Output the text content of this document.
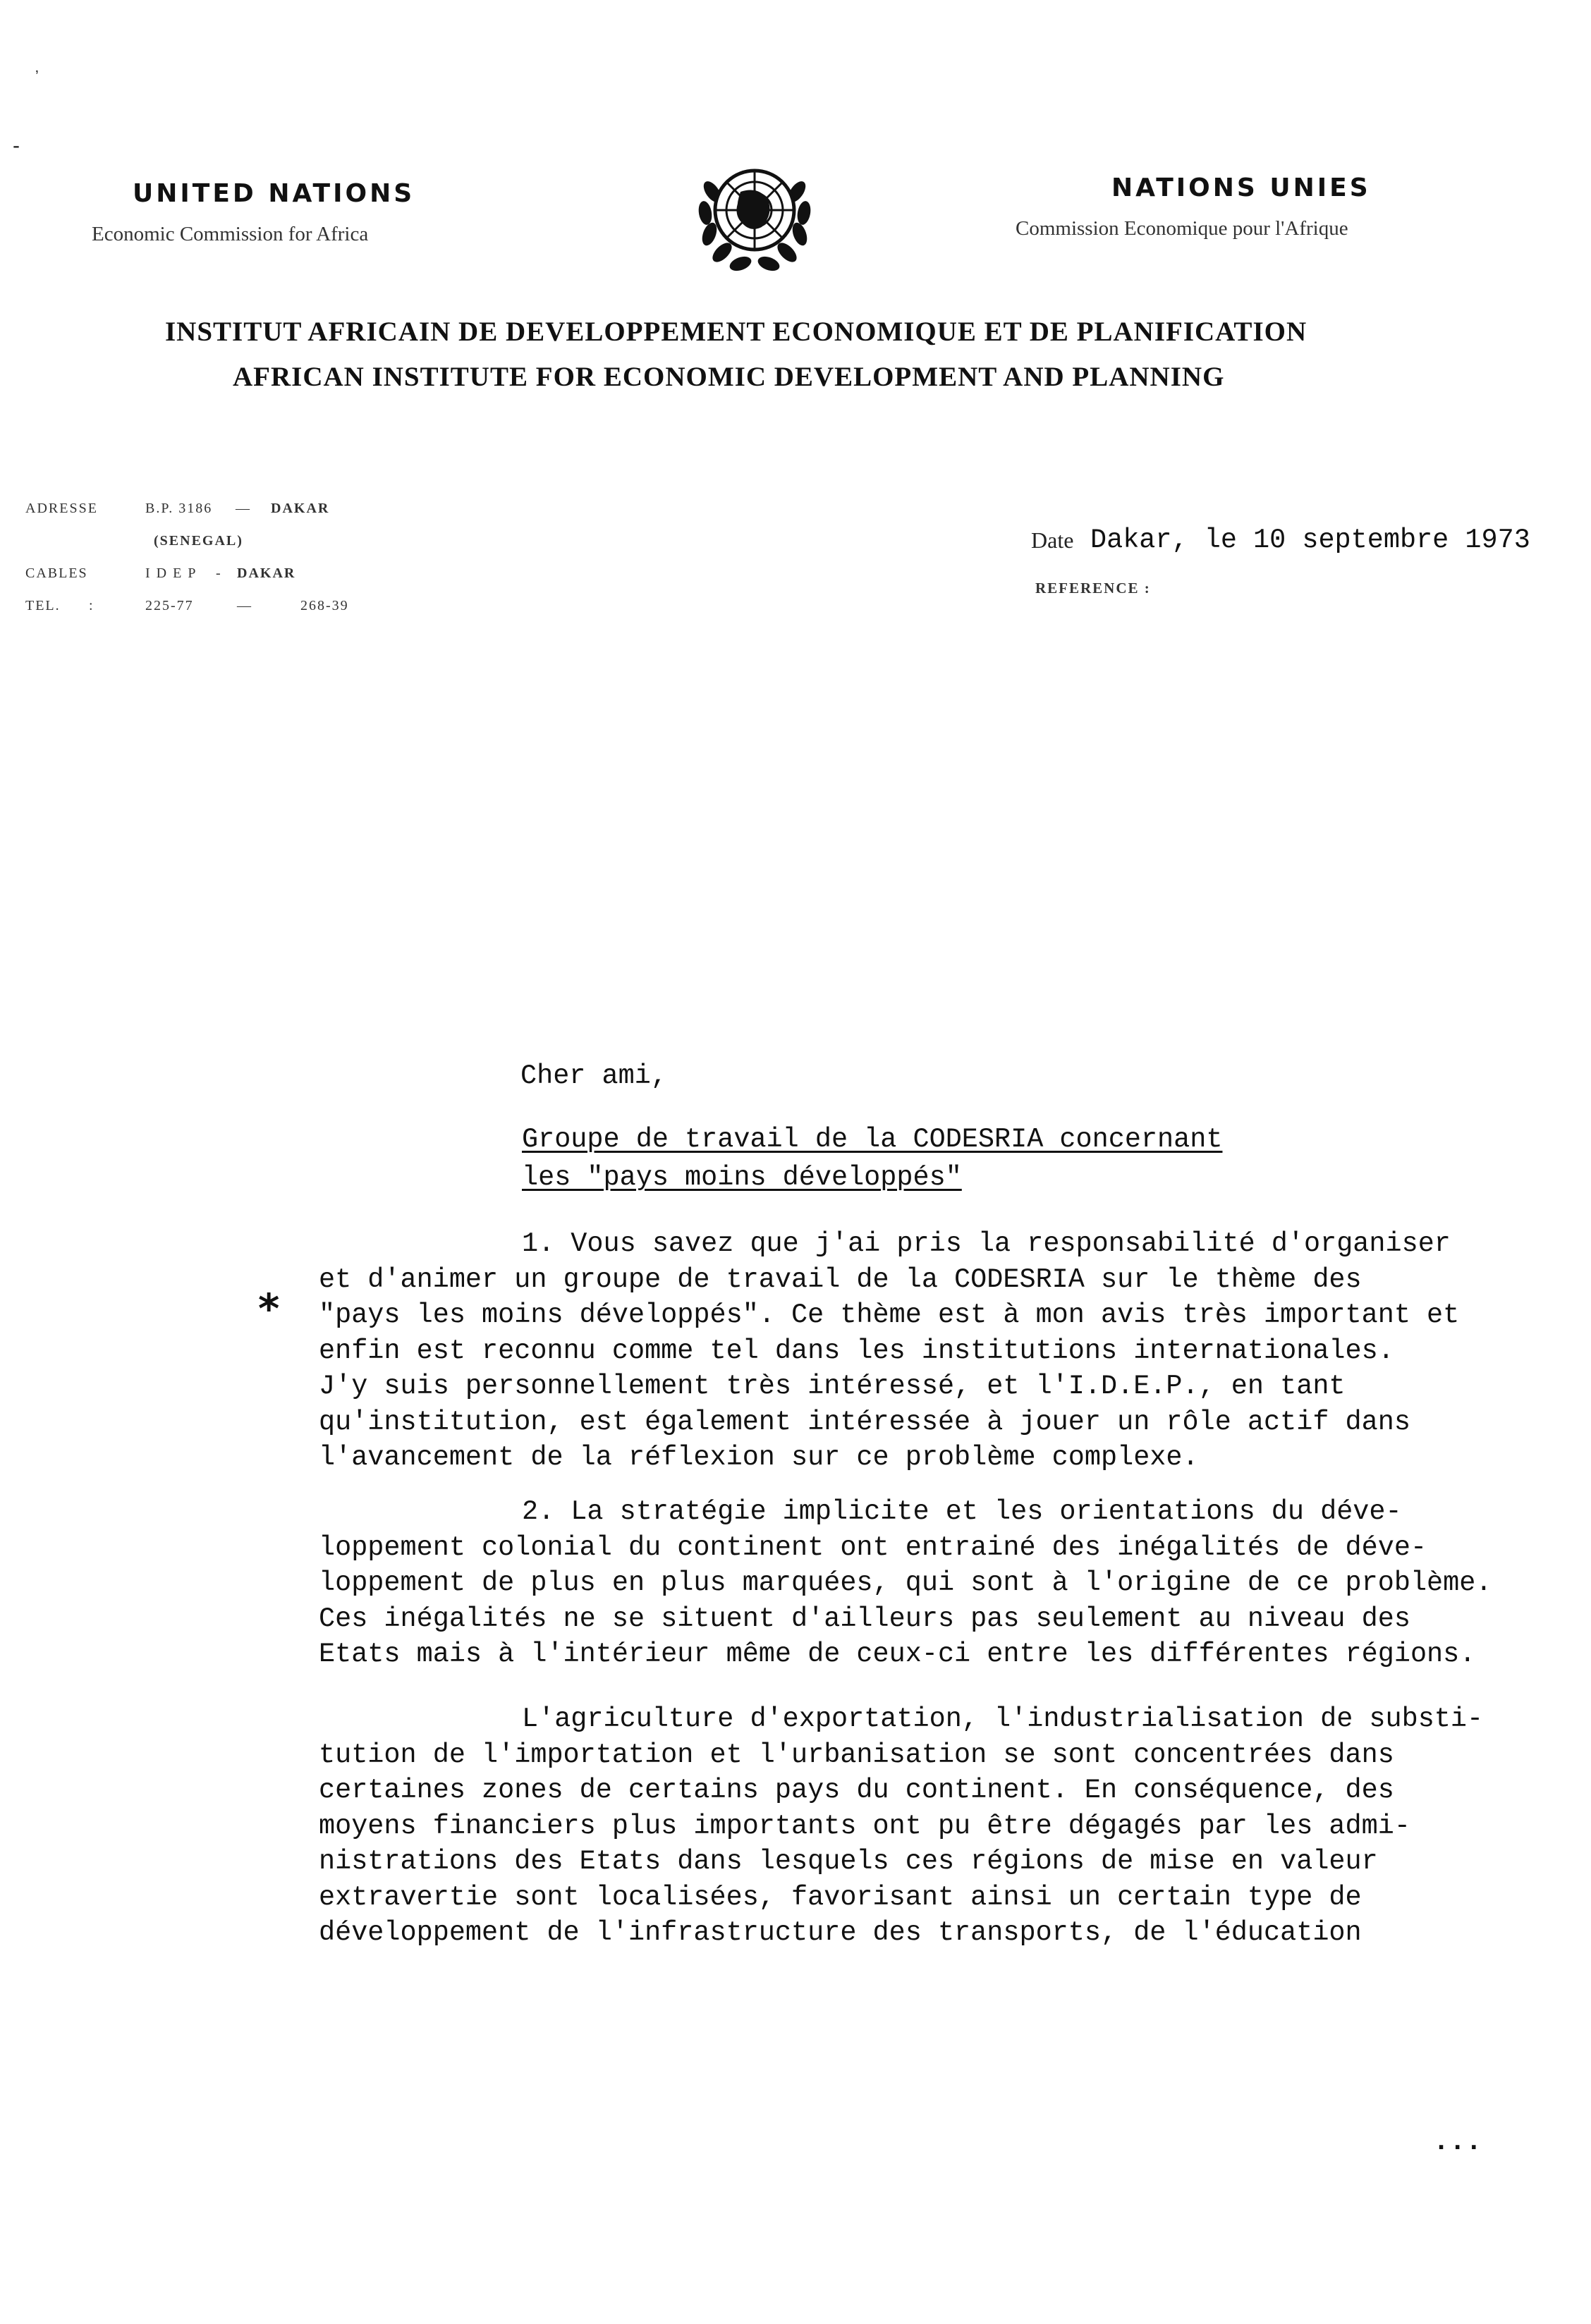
ʼ
-
UNITED NATIONS
Economic Commission for Africa
NATIONS UNIES
Commission Economique pour l'Afrique
INSTITUT AFRICAIN DE DEVELOPPEMENT ECONOMIQUE ET DE PLANIFICATION
AFRICAN INSTITUTE FOR ECONOMIC DEVELOPMENT AND PLANNING
ADRESSE	B.P. 3186	—	DAKAR
(SENEGAL)
CABLES	I D E P	-	DAKAR
TEL.	:	225-77	—	268-39
Date Dakar, le 10 septembre 1973
REFERENCE :
Cher ami,
Groupe de travail de la CODESRIA concernant
les "pays moins développés"
*
1. Vous savez que j'ai pris la responsabilité d'organiser
et d'animer un groupe de travail de la CODESRIA sur le thème des
"pays les moins développés". Ce thème est à mon avis très important et
enfin est reconnu comme tel dans les institutions internationales.
J'y suis personnellement très intéressé, et l'I.D.E.P., en tant
qu'institution, est également intéressée à jouer un rôle actif dans
l'avancement de la réflexion sur ce problème complexe.
2. La stratégie implicite et les orientations du déve-
loppement colonial du continent ont entrainé des inégalités de déve-
loppement de plus en plus marquées, qui sont à l'origine de ce problème.
Ces inégalités ne se situent d'ailleurs pas seulement au niveau des
Etats mais à l'intérieur même de ceux-ci entre les différentes régions.
L'agriculture d'exportation, l'industrialisation de substi-
tution de l'importation et l'urbanisation se sont concentrées dans
certaines zones de certains pays du continent. En conséquence, des
moyens financiers plus importants ont pu être dégagés par les admi-
nistrations des Etats dans lesquels ces régions de mise en valeur
extravertie sont localisées, favorisant ainsi un certain type de
développement de l'infrastructure des transports, de l'éducation
...
